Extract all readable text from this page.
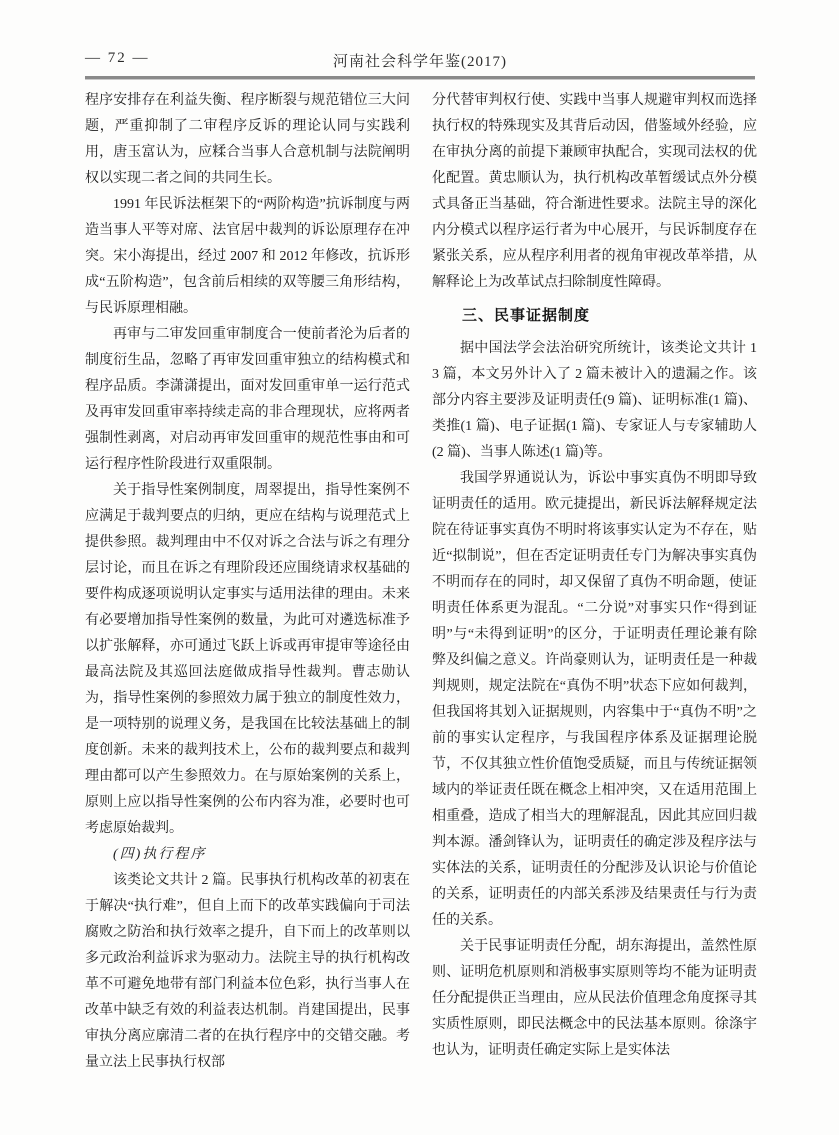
— 72 —	河南社会科学年鉴(2017)

程序安排存在利益失衡、程序断裂与规范错位三大问题，严重抑制了二审程序反诉的理论认同与实践利用，唐玉富认为，应糅合当事人合意机制与法院阐明权以实现二者之间的共同生长。

1991 年民诉法框架下的“两阶构造”抗诉制度与两造当事人平等对席、法官居中裁判的诉讼原理存在冲突。宋小海提出，经过 2007 和 2012 年修改，抗诉形成“五阶构造”，包含前后相续的双等腰三角形结构，与民诉原理相融。

再审与二审发回重审制度合一使前者沦为后者的制度衍生品，忽略了再审发回重审独立的结构模式和程序品质。李潇潇提出，面对发回重审单一运行范式及再审发回重审率持续走高的非合理现状，应将两者强制性剥离，对启动再审发回重审的规范性事由和可运行程序性阶段进行双重限制。

关于指导性案例制度，周翠提出，指导性案例不应满足于裁判要点的归纳，更应在结构与说理范式上提供参照。裁判理由中不仅对诉之合法与诉之有理分层讨论，而且在诉之有理阶段还应围绕请求权基础的要件构成逐项说明认定事实与适用法律的理由。未来有必要增加指导性案例的数量，为此可对遴选标准予以扩张解释，亦可通过飞跃上诉或再审提审等途径由最高法院及其巡回法庭做成指导性裁判。曹志勋认为，指导性案例的参照效力属于独立的制度性效力，是一项特别的说理义务，是我国在比较法基础上的制度创新。未来的裁判技术上，公布的裁判要点和裁判理由都可以产生参照效力。在与原始案例的关系上，原则上应以指导性案例的公布内容为准，必要时也可考虑原始裁判。

(四)执行程序

该类论文共计 2 篇。民事执行机构改革的初衷在于解决“执行难”，但自上而下的改革实践偏向于司法腐败之防治和执行效率之提升，自下而上的改革则以多元政治利益诉求为驱动力。法院主导的执行机构改革不可避免地带有部门利益本位色彩，执行当事人在改革中缺乏有效的利益表达机制。肖建国提出，民事审执分离应廓清二者的在执行程序中的交错交融。考量立法上民事执行权部

分代替审判权行使、实践中当事人规避审判权而选择执行权的特殊现实及其背后动因，借鉴域外经验，应在审执分离的前提下兼顾审执配合，实现司法权的优化配置。黄忠顺认为，执行机构改革暂缓试点外分模式具备正当基础，符合渐进性要求。法院主导的深化内分模式以程序运行者为中心展开，与民诉制度存在紧张关系，应从程序利用者的视角审视改革举措，从解释论上为改革试点扫除制度性障碍。

三、民事证据制度

据中国法学会法治研究所统计，该类论文共计 13 篇，本文另外计入了 2 篇未被计入的遗漏之作。该部分内容主要涉及证明责任(9 篇)、证明标准(1 篇)、类推(1 篇)、电子证据(1 篇)、专家证人与专家辅助人(2 篇)、当事人陈述(1 篇)等。

我国学界通说认为，诉讼中事实真伪不明即导致证明责任的适用。欧元捷提出，新民诉法解释规定法院在待证事实真伪不明时将该事实认定为不存在，贴近“拟制说”，但在否定证明责任专门为解决事实真伪不明而存在的同时，却又保留了真伪不明命题，使证明责任体系更为混乱。“二分说”对事实只作“得到证明”与“未得到证明”的区分，于证明责任理论兼有除弊及纠偏之意义。许尚豪则认为，证明责任是一种裁判规则，规定法院在“真伪不明”状态下应如何裁判，但我国将其划入证据规则，内容集中于“真伪不明”之前的事实认定程序，与我国程序体系及证据理论脱节，不仅其独立性价值饱受质疑，而且与传统证据领域内的举证责任既在概念上相冲突，又在适用范围上相重叠，造成了相当大的理解混乱，因此其应回归裁判本源。潘剑锋认为，证明责任的确定涉及程序法与实体法的关系，证明责任的分配涉及认识论与价值论的关系，证明责任的内部关系涉及结果责任与行为责任的关系。

关于民事证明责任分配，胡东海提出，盖然性原则、证明危机原则和消极事实原则等均不能为证明责任分配提供正当理由，应从民法价值理念角度探寻其实质性原则，即民法概念中的民法基本原则。徐涤宇也认为，证明责任确定实际上是实体法
